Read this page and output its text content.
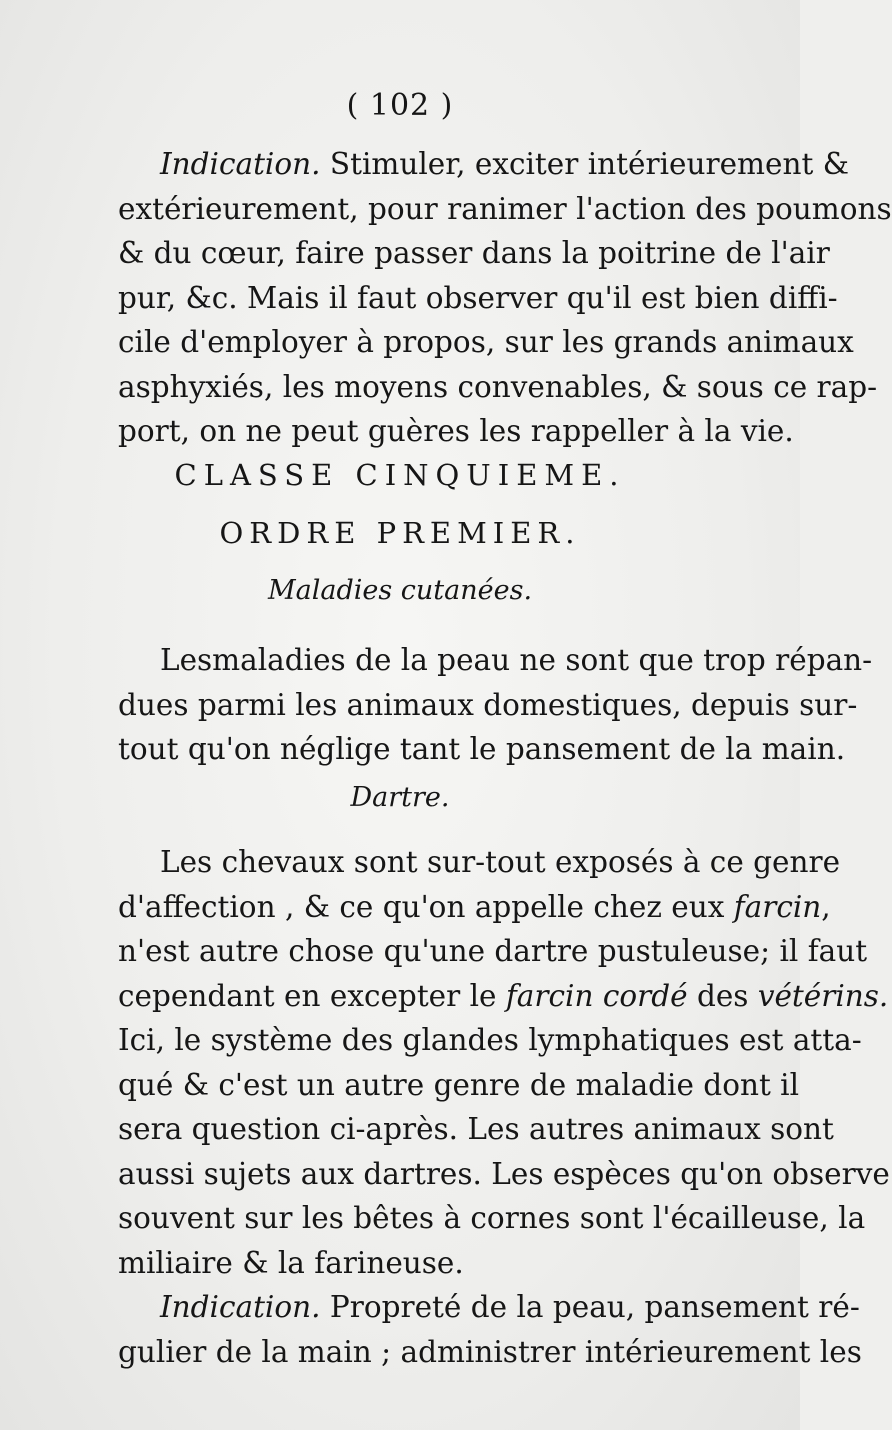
( 102 )
Indication. Stimuler, exciter intérieurement &
extérieurement, pour ranimer l'action des poumons
& du cœur, faire passer dans la poitrine de l'air
pur, &c. Mais il faut observer qu'il est bien diffi-
cile d'employer à propos, sur les grands animaux
asphyxiés, les moyens convenables, & sous ce rap-
port, on ne peut guères les rappeller à la vie.
CLASSE CINQUIEME.
ORDRE PREMIER.
Maladies cutanées.
Lesmaladies de la peau ne sont que trop répan-
dues parmi les animaux domestiques, depuis sur-
tout qu'on néglige tant le pansement de la main.
Dartre.
Les chevaux sont sur-tout exposés à ce genre
d'affection , & ce qu'on appelle chez eux farcin,
n'est autre chose qu'une dartre pustuleuse; il faut
cependant en excepter le farcin cordé des vétérins.
Ici, le système des glandes lymphatiques est atta-
qué & c'est un autre genre de maladie dont il
sera question ci-après. Les autres animaux sont
aussi sujets aux dartres. Les espèces qu'on observe
souvent sur les bêtes à cornes sont l'écailleuse, la
miliaire & la farineuse.
Indication. Propreté de la peau, pansement ré-
gulier de la main ; administrer intérieurement les
